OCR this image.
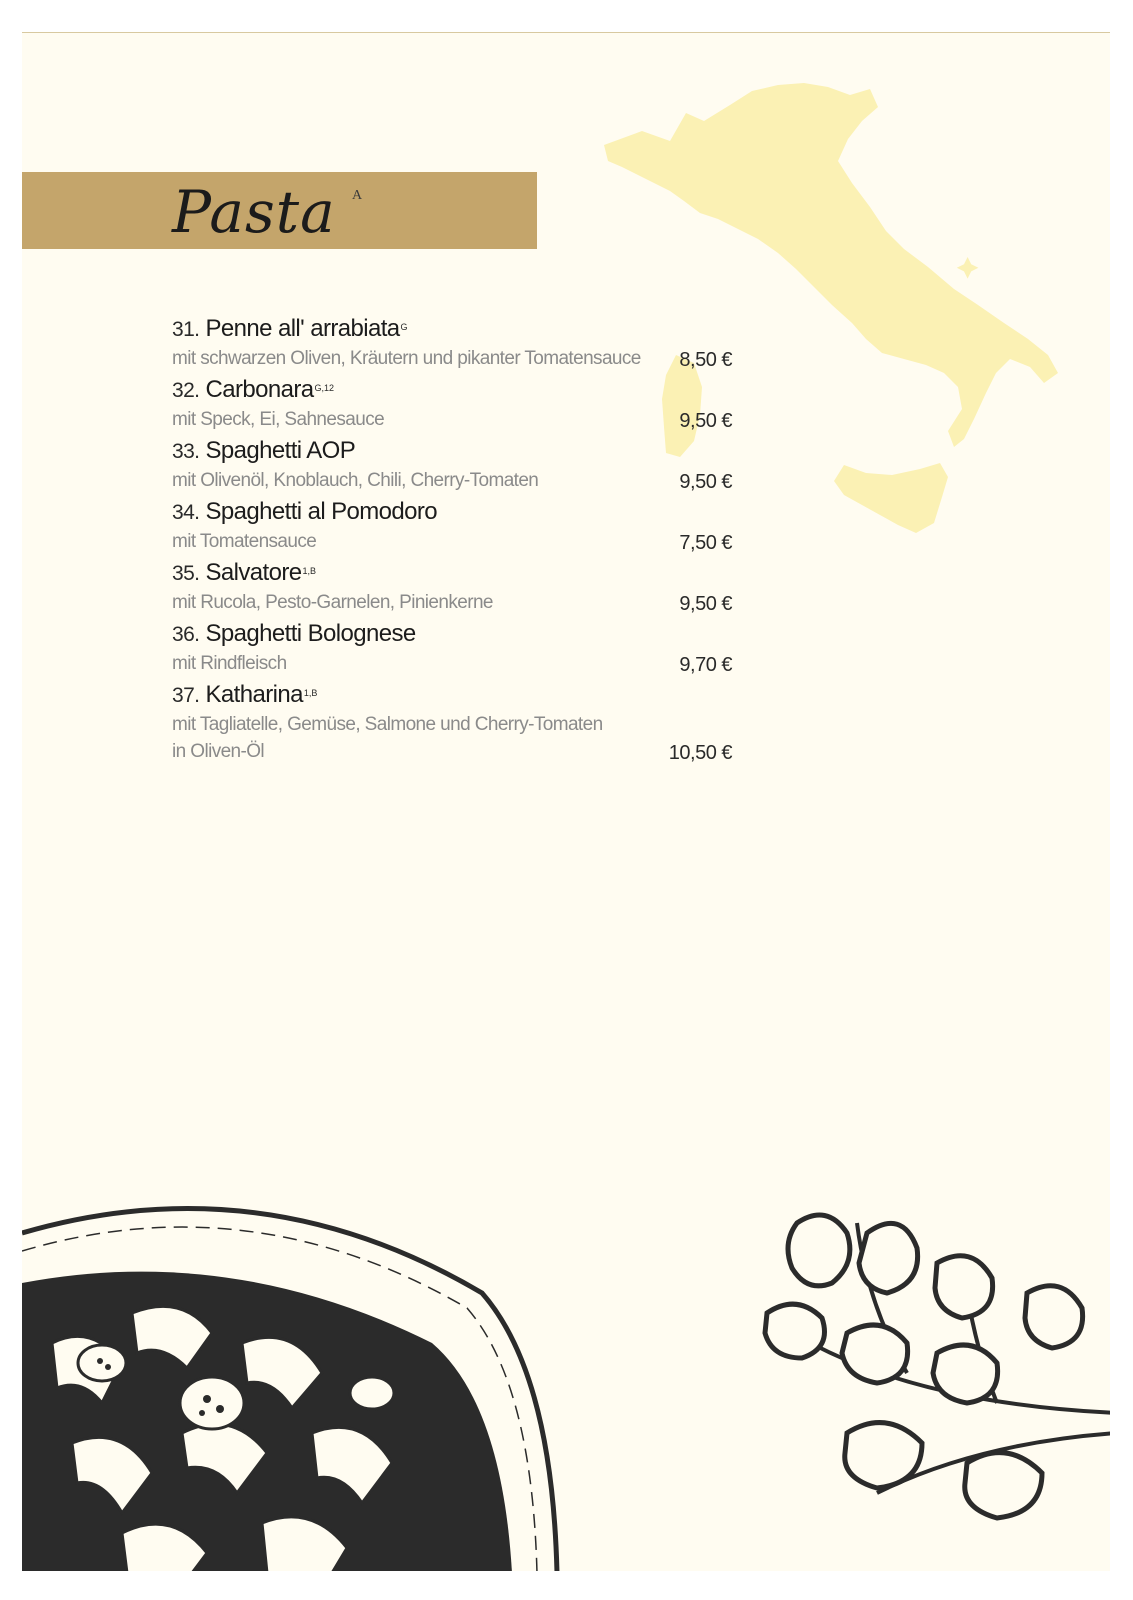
Pasta A
31. Penne all' arrabiata$^G$
mit schwarzen Oliven, Kräutern und pikanter Tomatensauce 8,50 €
32. Carbonara$^{G,12}$
mit Speck, Ei, Sahnesauce	9,50 €
33. Spaghetti AOP
mit Olivenöl, Knoblauch, Chili, Cherry-Tomaten	9,50 €
34. Spaghetti al Pomodoro
mit Tomatensauce	7,50 €
35. Salvatore$^{1,B}$
mit Rucola, Pesto-Garnelen, Pinienkerne	9,50 €
36. Spaghetti Bolognese
mit Rindfleisch	9,70 €
37. Katharina$^{1,B}$
mit Tagliatelle, Gemüse, Salmone und Cherry-Tomaten
in Oliven-Öl	10,50 €
